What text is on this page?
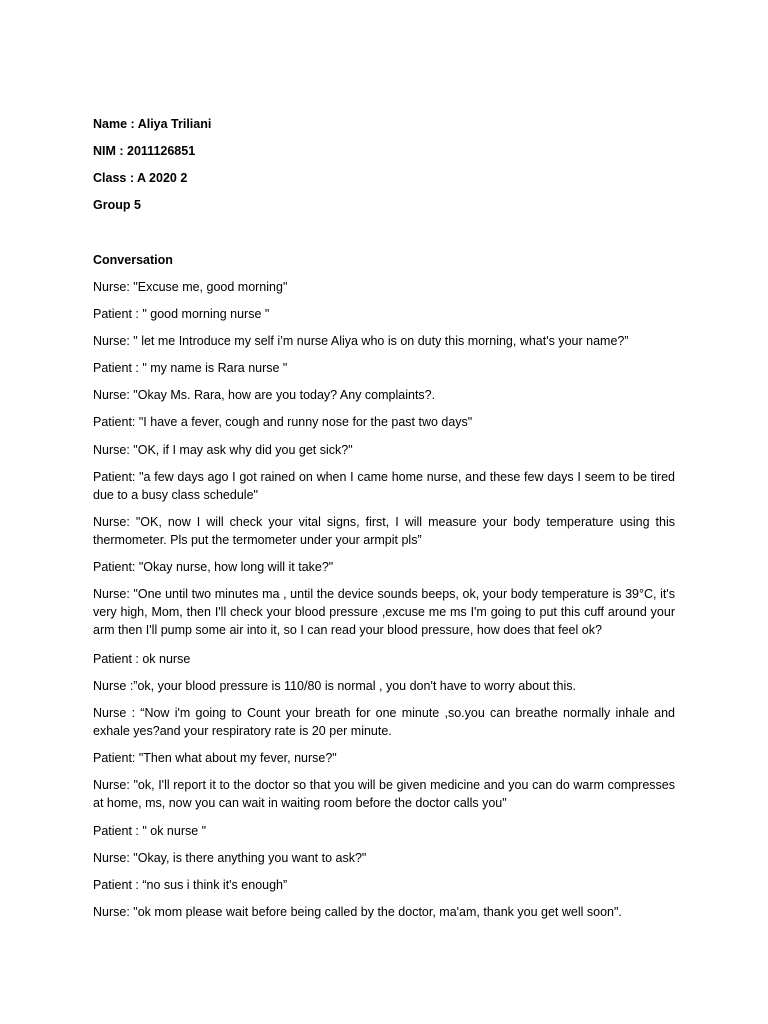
Name : Aliya Triliani
NIM : 2011126851
Class : A 2020 2
Group 5
Conversation
Nurse: "Excuse me, good morning"
Patient : " good morning nurse "
Nurse: " let me Introduce my self i’m nurse Aliya who is on duty this morning, what's your name?”
Patient : " my name is Rara nurse "
Nurse: "Okay Ms. Rara, how are you today? Any complaints?.
Patient: "I have a fever, cough and runny nose for the past two days"
Nurse: "OK, if I may ask why did you get sick?"
Patient: "a few days ago I got rained on when I came home nurse, and these few days I seem to be tired due to a busy class schedule"
Nurse: "OK, now I will check your vital signs, first, I will measure your body temperature using this thermometer. Pls put the termometer under your armpit pls”
Patient: "Okay nurse, how long will it take?"
Nurse: "One until two minutes ma , until the device sounds beeps, ok, your body temperature is 39°C, it's very high, Mom, then I'll check your blood pressure ,excuse me ms I'm going to put this cuff around your arm then I'll pump some air into it, so I can read your blood pressure, how does that feel ok?
Patient : ok nurse
Nurse :”ok, your blood pressure is 110/80 is normal , you don't have to worry about this.
Nurse : “Now i'm going to Count your breath for one minute ,so.you can breathe normally inhale and exhale yes?and your respiratory rate is 20 per minute.
Patient: "Then what about my fever, nurse?"
Nurse: "ok, I'll report it to the doctor so that you will be given medicine and you can do warm compresses at home, ms, now you can wait in waiting room before the doctor calls you"
Patient : " ok nurse "
Nurse: "Okay, is there anything you want to ask?"
Patient : “no sus i think it's enough”
Nurse: "ok mom please wait before being called by the doctor, ma'am, thank you get well soon".
